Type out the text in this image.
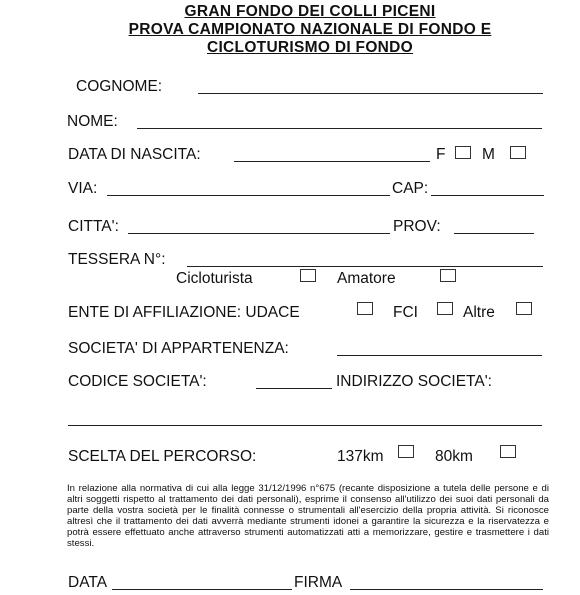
GRAN FONDO DEI COLLI PICENI
PROVA CAMPIONATO NAZIONALE DI FONDO E
CICLOTURISMO DI FONDO
COGNOME:
NOME:
DATA DI NASCITA:	F M
VIA:	CAP:
CITTA':	PROV:
TESSERA N°:
Cicloturista	Amatore
ENTE DI AFFILIAZIONE: UDACE	FCI	Altre
SOCIETA' DI APPARTENENZA:
CODICE SOCIETA':	INDIRIZZO SOCIETA':
SCELTA DEL PERCORSO:	137km	80km
In relazione alla normativa di cui alla legge 31/12/1996 n°675 (recante disposizione a tutela delle persone e di altri soggetti rispetto al trattamento dei dati personali), esprime il consenso all'utilizzo dei suoi dati personali da parte della vostra società per le finalità connesse o strumentali all'esercizio della propria attività. Si riconosce altresì che il trattamento dei dati avverrà mediante strumenti idonei a garantire la sicurezza e la riservatezza e potrà essere effettuato anche attraverso strumenti automatizzati atti a memorizzare, gestire e trasmettere i dati stessi.
DATA	FIRMA
